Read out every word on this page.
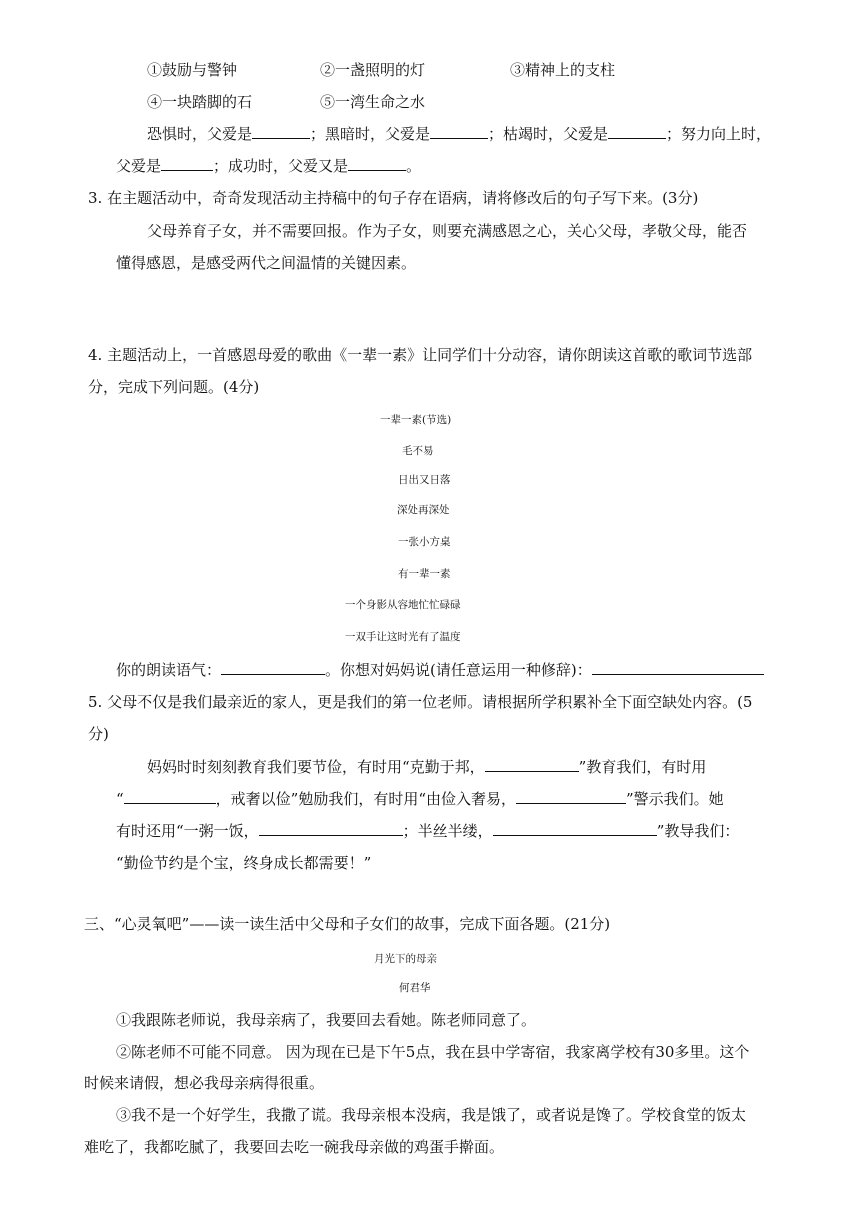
①鼓励与警钟	②一盏照明的灯	③精神上的支柱
④一块踏脚的石	⑤一湾生命之水
恐惧时，父爱是	；黑暗时，父爱是	；枯竭时，父爱是	；努力向上时，
父爱是	；成功时，父爱又是	。
3. 在主题活动中，奇奇发现活动主持稿中的句子存在语病，请将修改后的句子写下来。(3分)
父母养育子女，并不需要回报。作为子女，则要充满感恩之心，关心父母，孝敬父母，能否
懂得感恩，是感受两代之间温情的关键因素。
4. 主题活动上，一首感恩母爱的歌曲《一辈一素》让同学们十分动容，请你朗读这首歌的歌词节选部
分，完成下列问题。(4分)
一辈一素(节选)
毛不易
日出又日落
深处再深处
一张小方桌
有一辈一素
一个身影从容地忙忙碌碌
一双手让这时光有了温度
你的朗读语气：	。你想对妈妈说(请任意运用一种修辞)：
5. 父母不仅是我们最亲近的家人，更是我们的第一位老师。请根据所学积累补全下面空缺处内容。(5
分)
妈妈时时刻刻教育我们要节俭，有时用“克勤于邦，	”教育我们，有时用
“	，戒奢以俭”勉励我们，有时用“由俭入奢易，	”警示我们。她
有时还用“一粥一饭，	；半丝半缕，	”教导我们：
“勤俭节约是个宝，终身成长都需要！”
三、“心灵氧吧”——读一读生活中父母和子女们的故事，完成下面各题。(21分)
月光下的母亲
何君华
①我跟陈老师说，我母亲病了，我要回去看她。陈老师同意了。
②陈老师不可能不同意。 因为现在已是下午5点，我在县中学寄宿，我家离学校有30多里。这个
时候来请假，想必我母亲病得很重。
③我不是一个好学生，我撒了谎。我母亲根本没病，我是饿了，或者说是馋了。学校食堂的饭太
难吃了，我都吃腻了，我要回去吃一碗我母亲做的鸡蛋手擀面。
